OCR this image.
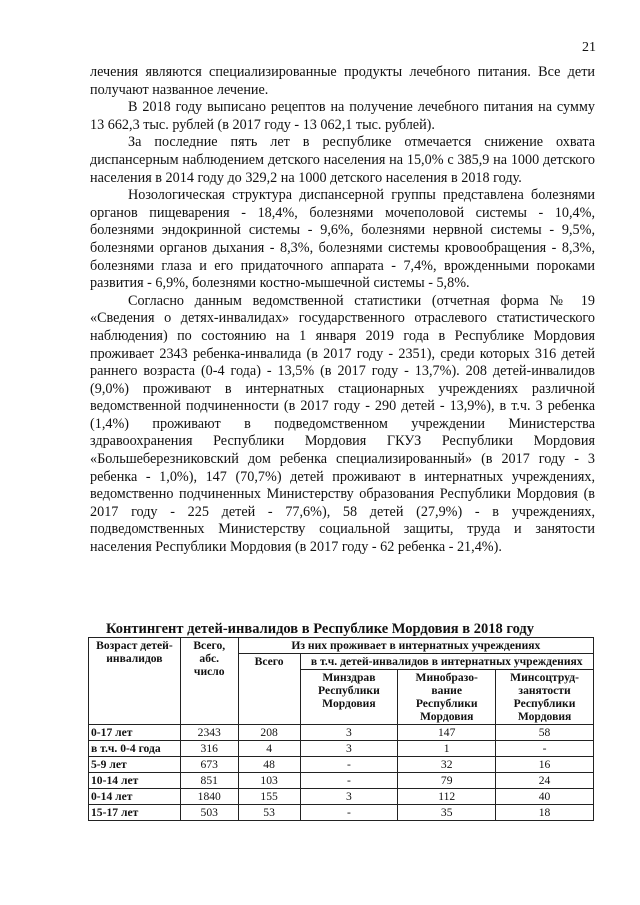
21

лечения являются специализированные продукты лечебного питания. Все дети получают названное лечение.

В 2018 году выписано рецептов на получение лечебного питания на сумму 13 662,3 тыс. рублей (в 2017 году - 13 062,1 тыс. рублей).

За последние пять лет в республике отмечается снижение охвата диспансерным наблюдением детского населения на 15,0% с 385,9 на 1000 детского населения в 2014 году до 329,2 на 1000 детского населения в 2018 году.

Нозологическая структура диспансерной группы представлена болезнями органов пищеварения - 18,4%, болезнями мочеполовой системы - 10,4%, болезнями эндокринной системы - 9,6%, болезнями нервной системы - 9,5%, болезнями органов дыхания - 8,3%, болезнями системы кровообращения - 8,3%, болезнями глаза и его придаточного аппарата - 7,4%, врожденными пороками развития - 6,9%, болезнями костно-мышечной системы - 5,8%.

Согласно данным ведомственной статистики (отчетная форма № 19 «Сведения о детях-инвалидах» государственного отраслевого статистического наблюдения) по состоянию на 1 января 2019 года в Республике Мордовия проживает 2343 ребенка-инвалида (в 2017 году - 2351), среди которых 316 детей раннего возраста (0-4 года) - 13,5% (в 2017 году - 13,7%). 208 детей-инвалидов (9,0%) проживают в интернатных стационарных учреждениях различной ведомственной подчиненности (в 2017 году - 290 детей - 13,9%), в т.ч. 3 ребенка (1,4%) проживают в подведомственном учреждении Министерства здравоохранения Республики Мордовия ГКУЗ Республики Мордовия «Большеберезниковский дом ребенка специализированный» (в 2017 году - 3 ребенка - 1,0%), 147 (70,7%) детей проживают в интернатных учреждениях, ведомственно подчиненных Министерству образования Республики Мордовия (в 2017 году - 225 детей - 77,6%), 58 детей (27,9%) - в учреждениях, подведомственных Министерству социальной защиты, труда и занятости населения Республики Мордовия (в 2017 году - 62 ребенка - 21,4%).

Контингент детей-инвалидов в Республике Мордовия в 2018 году
Возраст детей-инвалидов	Всего, абс. число	Из них проживает в интернатных учреждениях			
		Всего	в т.ч. детей-инвалидов в интернатных учреждениях		
			Минздрав Республики Мордовия	Минобразо-вание Республики Мордовия	Минсоцтруд-занятости Республики Мордовия
0-17 лет	2343	208	3	147	58
в т.ч. 0-4 года	316	4	3	1	-
5-9 лет	673	48	-	32	16
10-14 лет	851	103	-	79	24
0-14 лет	1840	155	3	112	40
15-17 лет	503	53	-	35	18
